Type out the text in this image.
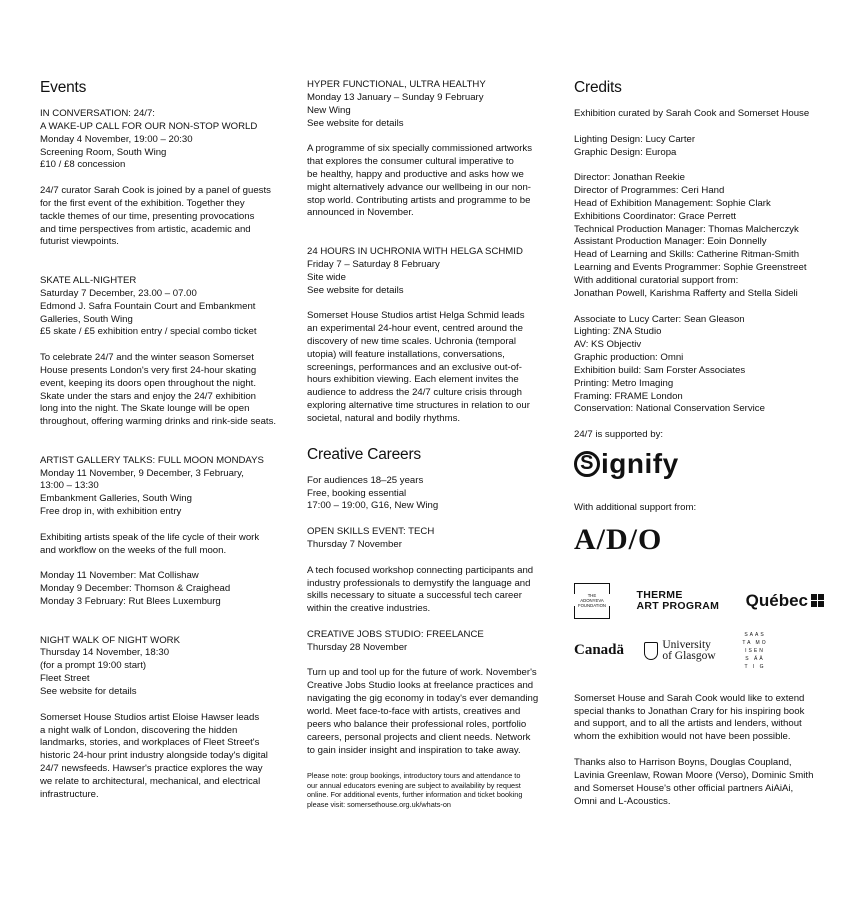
Events

IN CONVERSATION: 24/7:
A WAKE-UP CALL FOR OUR NON-STOP WORLD
Monday 4 November, 19:00 – 20:30
Screening Room, South Wing
£10 / £8 concession

24/7 curator Sarah Cook is joined by a panel of guests
for the first event of the exhibition. Together they
tackle themes of our time, presenting provocations
and time perspectives from artistic, academic and
futurist viewpoints.

SKATE ALL-NIGHTER
Saturday 7 December, 23.00 – 07.00
Edmond J. Safra Fountain Court and Embankment
Galleries, South Wing
£5 skate / £5 exhibition entry / special combo ticket

To celebrate 24/7 and the winter season Somerset
House presents London's very first 24-hour skating
event, keeping its doors open throughout the night.
Skate under the stars and enjoy the 24/7 exhibition
long into the night. The Skate lounge will be open
throughout, offering warming drinks and rink-side seats.

ARTIST GALLERY TALKS: FULL MOON MONDAYS
Monday 11 November, 9 December, 3 February,
13:00 – 13:30
Embankment Galleries, South Wing
Free drop in, with exhibition entry

Exhibiting artists speak of the life cycle of their work
and workflow on the weeks of the full moon.

Monday 11 November: Mat Collishaw
Monday 9 December: Thomson & Craighead
Monday 3 February: Rut Blees Luxemburg

NIGHT WALK OF NIGHT WORK
Thursday 14 November, 18:30
(for a prompt 19:00 start)
Fleet Street
See website for details

Somerset House Studios artist Eloise Hawser leads
a night walk of London, discovering the hidden
landmarks, stories, and workplaces of Fleet Street's
historic 24-hour print industry alongside today's digital
24/7 newsfeeds. Hawser's practice explores the way
we relate to architectural, mechanical, and electrical
infrastructure.

HYPER FUNCTIONAL, ULTRA HEALTHY
Monday 13 January – Sunday 9 February
New Wing
See website for details

A programme of six specially commissioned artworks
that explores the consumer cultural imperative to
be healthy, happy and productive and asks how we
might alternatively advance our wellbeing in our non-
stop world. Contributing artists and programme to be
announced in November.

24 HOURS IN UCHRONIA WITH HELGA SCHMID
Friday 7 – Saturday 8 February
Site wide
See website for details

Somerset House Studios artist Helga Schmid leads
an experimental 24-hour event, centred around the
discovery of new time scales. Uchronia (temporal
utopia) will feature installations, conversations,
screenings, performances and an exclusive out-of-
hours exhibition viewing. Each element invites the
audience to address the 24/7 culture crisis through
exploring alternative time structures in relation to our
societal, natural and bodily rhythms.

Creative Careers

For audiences 18–25 years
Free, booking essential
17:00 – 19:00, G16, New Wing

OPEN SKILLS EVENT: TECH
Thursday 7 November

A tech focused workshop connecting participants and
industry professionals to demystify the language and
skills necessary to situate a successful tech career
within the creative industries.

CREATIVE JOBS STUDIO: FREELANCE
Thursday 28 November

Turn up and tool up for the future of work. November's
Creative Jobs Studio looks at freelance practices and
navigating the gig economy in today's ever demanding
world. Meet face-to-face with artists, creatives and
peers who balance their professional roles, portfolio
careers, personal projects and client needs. Network
to gain insider insight and inspiration to take away.

Please note: group bookings, introductory tours and attendance to
our annual educators evening are subject to availability by request
online. For additional events, further information and ticket booking
please visit: somersethouse.org.uk/whats-on

Credits

Exhibition curated by Sarah Cook and Somerset House

Lighting Design: Lucy Carter
Graphic Design: Europa

Director: Jonathan Reekie
Director of Programmes: Ceri Hand
Head of Exhibition Management: Sophie Clark
Exhibitions Coordinator: Grace Perrett
Technical Production Manager: Thomas Malcherczyk
Assistant Production Manager: Eoin Donnelly
Head of Learning and Skills: Catherine Ritman-Smith
Learning and Events Programmer: Sophie Greenstreet
With additional curatorial support from:
Jonathan Powell, Karishma Rafferty and Stella Sideli

Associate to Lucy Carter: Sean Gleason
Lighting: ZNA Studio
AV: KS Objectiv
Graphic production: Omni
Exhibition build: Sam Forster Associates
Printing: Metro Imaging
Framing: FRAME London
Conservation: National Conservation Service

24/7 is supported by:

S ignify

With additional support from:

A/D/O
THE
ADONYEVA
FOUNDATION
THERME
ART PROGRAM Québec
Canadä	University
of Glasgow
SAAS
TA MO
ISEN
S ÄÄ
T I G

Somerset House and Sarah Cook would like to extend
special thanks to Jonathan Crary for his inspiring book
and support, and to all the artists and lenders, without
whom the exhibition would not have been possible.

Thanks also to Harrison Boyns, Douglas Coupland,
Lavinia Greenlaw, Rowan Moore (Verso), Dominic Smith
and Somerset House's other official partners AiAiAi,
Omni and L-Acoustics.
